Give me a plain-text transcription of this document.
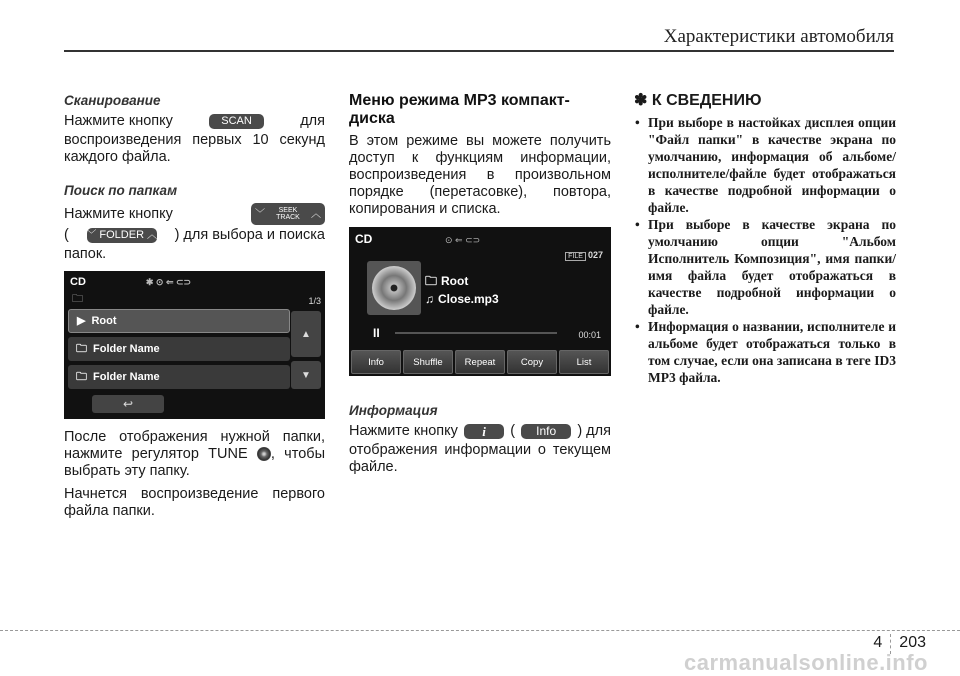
Характеристики автомобиля
Сканирование
Нажмите кнопку	SCAN	для

воспроизведения первых 10 секунд каждого файла.

Поиск по папкам
Нажмите кнопку	﹀	SEEK
TRACK ︿
( ﹀ FOLDER ︿ ) для выбора и поиска

папок.

CD	✱ ⊙ ⇐ ⊂⊃
🗀	1/3
▶ Root
🗀 Folder Name
🗀 Folder Name
▲
▼
↩

После отображения нужной папки, нажмите регулятор TUNE , чтобы выбрать эту папку.

Начнется воспроизведение первого файла папки.

Меню режима MP3 компакт-диска

В этом режиме вы можете получить доступ к функциям информации, воспроизведения в произвольном порядке (перетасовке), повтора, копирования и списка.

CD	⊙ ⇐ ⊂⊃
FILE 027
🗀 Root
♫ Close.mp3
II	00:01
Info	Shuffle	Repeat	Copy	List
Информация
Нажмите кнопку	i	(	Info	) для

отображения информации о текущем файле.

✽ К СВЕДЕНИЮ
• При выборе в настойках дисплея опции "Файл папки" в качестве экрана по умолчанию, информация об альбоме/исполнителе/файле будет отображаться в качестве подробной информации о файле.
• При выборе в качестве экрана по умолчанию опции "Альбом Исполнитель Композиция", имя папки/имя файла будет отображаться в качестве подробной информации о файле.
• Информация о названии, исполнителе и альбоме будет отображаться только в том случае, если она записана в теге ID3 MP3 файла.
4 203
carmanualsonline.info
